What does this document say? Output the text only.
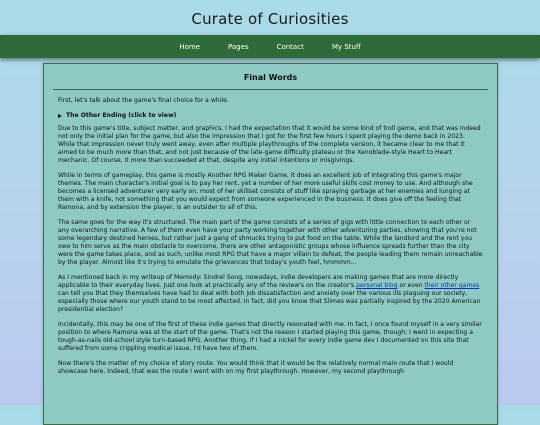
Curate of Curiosities
Home	Pages	Contact	My Stuff
Final Words

First, let's talk about the game's final choice for a while.

The Other Ending (click to view)

Due to this game's title, subject matter, and graphics, I had the expectation that it would be some kind of troll game, and that was indeed not only the initial plan for the game, but also the impression that I got for the first few hours I spent playing the demo back in 2023. While that impression never truly went away, even after multiple playthroughs of the complete version, it became clear to me that it aimed to be much more than that, and not just because of the late-game difficulty plateau or the Xenoblade-style Heart to Heart mechanic. Of course, it more than succeeded at that, despite any initial intentions or misgivings.

While in terms of gameplay, this game is mostly Another RPG Maker Game, it does an excellent job of integrating this game's major themes. The main character's initial goal is to pay her rent, yet a number of her more useful skills cost money to use. And although she becomes a licensed adventurer very early on, most of her skillset consists of stuff like spraying garbage at her enemies and lunging at them with a knife, not something that you would expect from someone experienced in the business. It does give off the feeling that Ramona, and by extension the player, is an outsider to all of this.

The same goes for the way it's structured. The main part of the game consists of a series of gigs with little connection to each other or any overarching narrative. A few of them even have your party working together with other adventuring parties, showing that you're not some legendary destined heroes, but rather just a gang of shmucks trying to put food on the table. While the landlord and the rent you owe to him serve as the main obstacle to overcome, there are other antagonistic groups whose influence spreads further than the city were the game takes place, and as such, unlike most RPG that have a major villain to defeat, the people leading them remain unreachable by the player. Almost like it's trying to emulate the grievances that today's youth feel, hmmmm...

As I mentioned back in my writeup of Memody: Sindrel Song, nowadays, indie developers are making games that are more directly applicable to their everyday lives. Just one look at practically any of the review's on the creator's personal blog or even their other games can tell you that they themselves have had to deal with both job dissatisfaction and anxiety over the various ills plaguing our society, especially those where our youth stand to be most affected. In fact, did you know that Slimes was partially inspired by the 2020 American presidential election?

Incidentally, this may be one of the first of these indie games that directly resonated with me. In fact, I once found myself in a very similar position to where Ramona was at the start of the game. That's not the reason I started playing this game, though; I went in expecting a tough-as-nails old-school style turn-based RPG. Another thing, if I had a nickel for every indie game dev I documented on this site that suffered from some crippling medical issue, I'd have two of them.

Now there's the matter of my choice of story route. You would think that it would be the relatively normal main route that I would showcase here. Indeed, that was the route I went with on my first playthrough. However, my second playthrough
